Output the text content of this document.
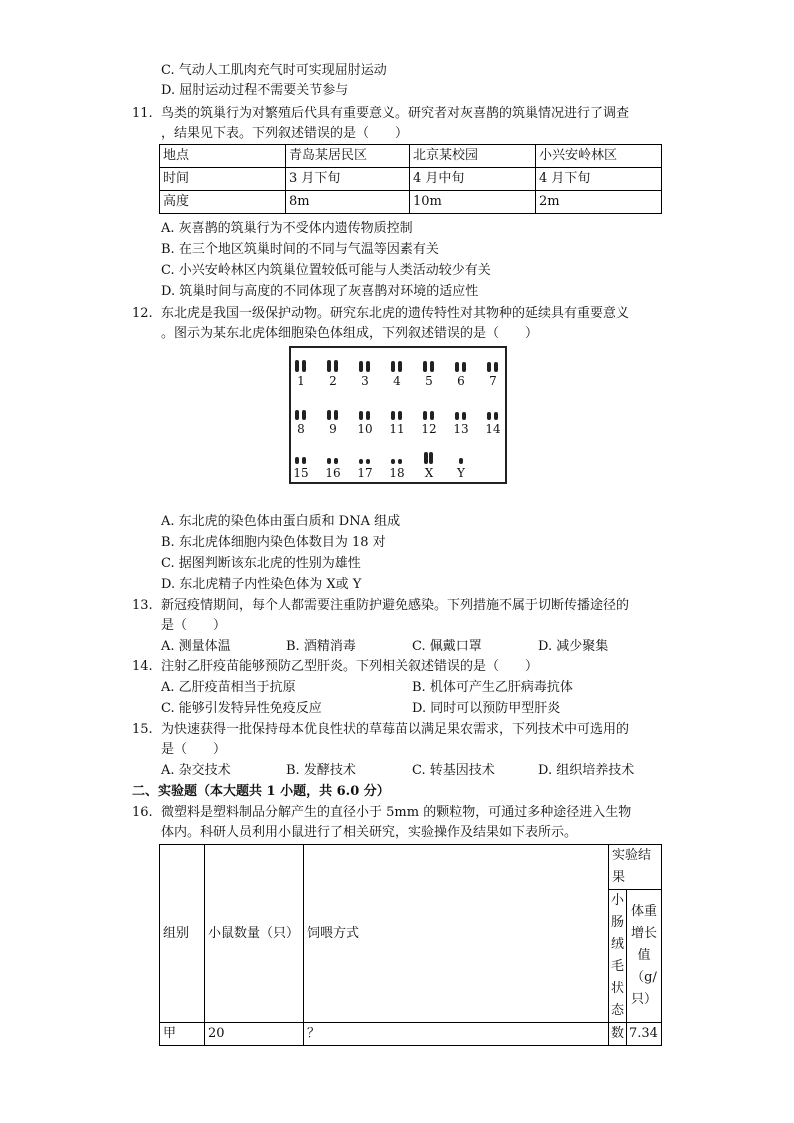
C. 气动人工肌肉充气时可实现屈肘运动
D. 屈肘运动过程不需要关节参与
11. 鸟类的筑巢行为对繁殖后代具有重要意义。研究者对灰喜鹊的筑巢情况进行了调查
，结果见下表。下列叙述错误的是（　　）
地点	青岛某居民区	北京某校园	小兴安岭林区
时间	3 月下旬	4 月中旬	4 月下旬
高度	8m	10m	2m
A. 灰喜鹊的筑巢行为不受体内遗传物质控制
B. 在三个地区筑巢时间的不同与气温等因素有关
C. 小兴安岭林区内筑巢位置较低可能与人类活动较少有关
D. 筑巢时间与高度的不同体现了灰喜鹊对环境的适应性
12. 东北虎是我国一级保护动物。研究东北虎的遗传特性对其物种的延续具有重要意义
。图示为某东北虎体细胞染色体组成，下列叙述错误的是（　　）
1	2	3	4	5	6	7
8	9	10 11 12 13 14
15 16 17 18	X	Y
A. 东北虎的染色体由蛋白质和 DNA 组成
B. 东北虎体细胞内染色体数目为 18 对
C. 据图判断该东北虎的性别为雄性
D. 东北虎精子内性染色体为 X或 Y
13. 新冠疫情期间，每个人都需要注重防护避免感染。下列措施不属于切断传播途径的
是（　　）
A. 测量体温	B. 酒精消毒	C. 佩戴口罩	D. 减少聚集
14. 注射乙肝疫苗能够预防乙型肝炎。下列相关叙述错误的是（　　）
A. 乙肝疫苗相当于抗原	B. 机体可产生乙肝病毒抗体
C. 能够引发特异性免疫反应	D. 同时可以预防甲型肝炎
15. 为快速获得一批保持母本优良性状的草莓苗以满足果农需求，下列技术中可选用的
是（　　）
A. 杂交技术	B. 发酵技术	C. 转基因技术	D. 组织培养技术
二、实验题（本大题共 1 小题，共 6.0 分）
16. 微塑料是塑料制品分解产生的直径小于 5mm 的颗粒物，可通过多种途径进入生物
体内。科研人员利用小鼠进行了相关研究，实验操作及结果如下表所示。
组别	小鼠数量（只）	饲喂方式	实验结果	
			小肠绒毛状态	体重增长值（g/只）
甲	20	？	数	7.34
